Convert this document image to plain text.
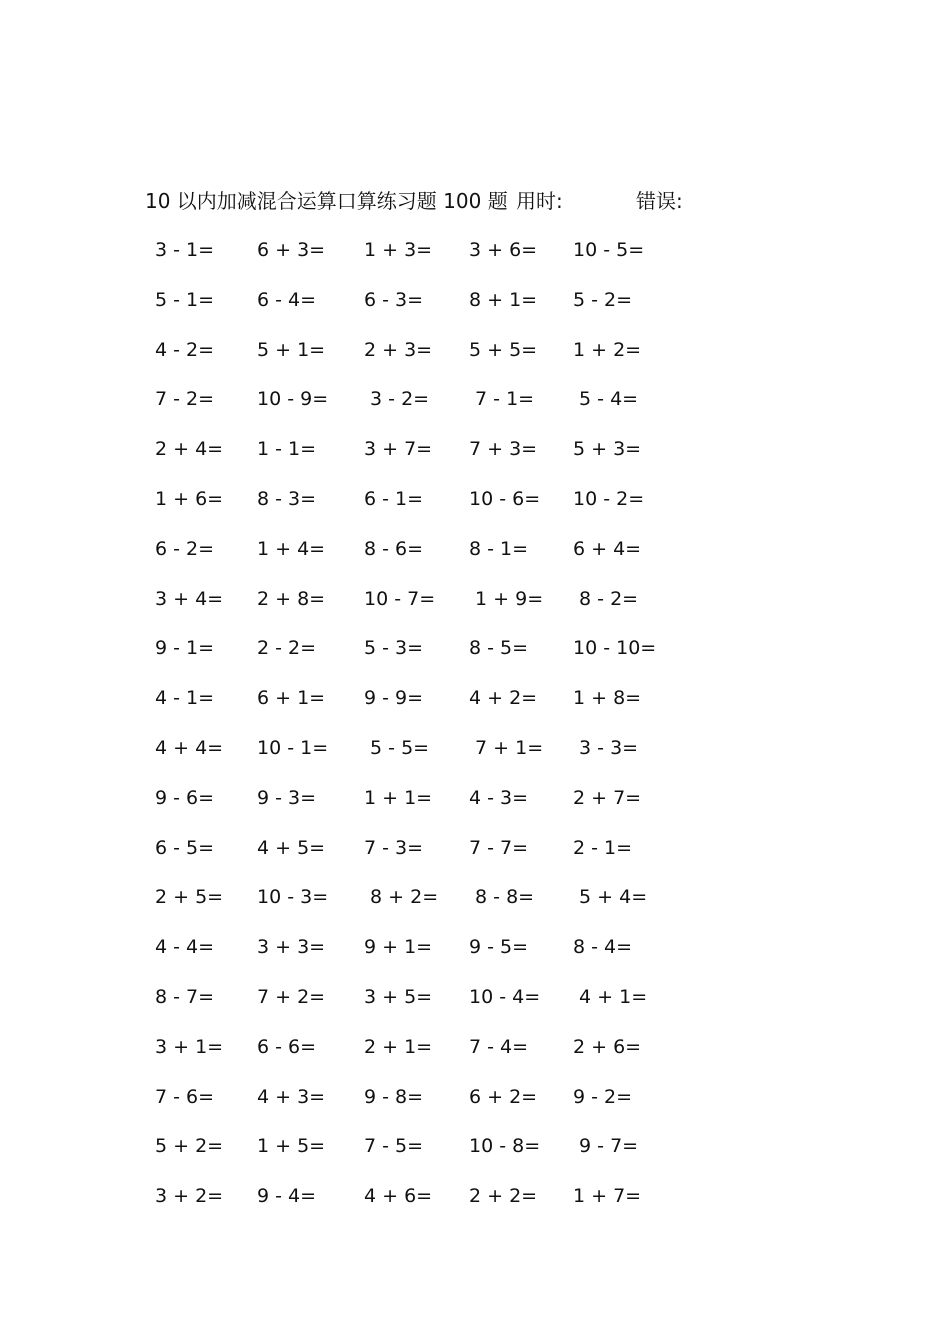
10 以内加减混合运算口算练习题 100 题 用时:	错误:
3 - 1= 6 + 3= 1 + 3= 3 + 6= 10 - 5=
5 - 1= 6 - 4=	6 - 3= 8 + 1= 5 - 2=
4 - 2= 5 + 1= 2 + 3= 5 + 5= 1 + 2=
7 - 2= 10 - 9= 3 - 2= 7 - 1= 5 - 4=
2 + 4= 1 - 1=	3 + 7= 7 + 3= 5 + 3=
1 + 6= 8 - 3=	6 - 1= 10 - 6= 10 - 2=
6 - 2= 1 + 4= 8 - 6= 8 - 1= 6 + 4=
3 + 4= 2 + 8= 10 - 7= 1 + 9= 8 - 2=
9 - 1= 2 - 2=	5 - 3= 8 - 5= 10 - 10=
4 - 1= 6 + 1= 9 - 9= 4 + 2= 1 + 8=
4 + 4= 10 - 1= 5 - 5= 7 + 1= 3 - 3=
9 - 6= 9 - 3=	1 + 1= 4 - 3= 2 + 7=
6 - 5= 4 + 5= 7 - 3= 7 - 7= 2 - 1=
2 + 5= 10 - 3= 8 + 2= 8 - 8= 5 + 4=
4 - 4= 3 + 3= 9 + 1= 9 - 5= 8 - 4=
8 - 7= 7 + 2= 3 + 5= 10 - 4= 4 + 1=
3 + 1= 6 - 6=	2 + 1= 7 - 4= 2 + 6=
7 - 6= 4 + 3= 9 - 8= 6 + 2= 9 - 2=
5 + 2= 1 + 5= 7 - 5= 10 - 8= 9 - 7=
3 + 2= 9 - 4=	4 + 6= 2 + 2= 1 + 7=
